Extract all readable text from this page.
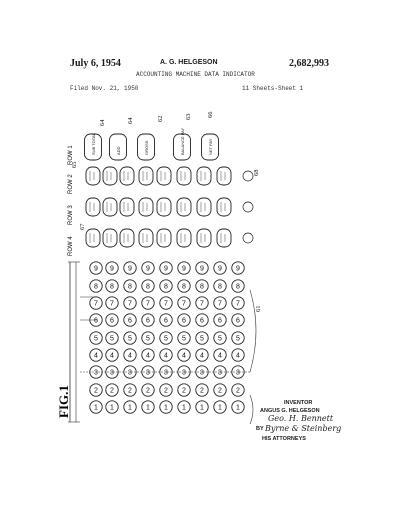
July 6, 1954	A. G. HELGESON	2,682,993
ACCOUNTING MACHINE DATA INDICATOR
Filed Nov. 21, 1950	11 Sheets-Sheet 1
ROW 1
SUB TOTAL	ADD	GROSS	BALANCE PAY	NET PAY
ROW 2
ROW 3
ROW 4
64	64	62	63 66
65
67
68
61
9
8
7
6
5
4
3
2
1
9
8
7
6
5
4
3
2
1
9
8
7
6
5
4
3
2
1
9
8
7
6
5
4
3
2
1
9
8
7
6
5
4
3
2
1
9
8
7
6
5
4
3
2
1
9
8
7
6
5
4
3
2
1
9
8
7
6
5
4
3
2
1
9
8
7
6
5
4
3
2
1
FIG.1	INVENTOR
ANGUS G. HELGESON
BY
Geo. H. Bennett
Byrne & Steinberg
HIS ATTORNEYS
